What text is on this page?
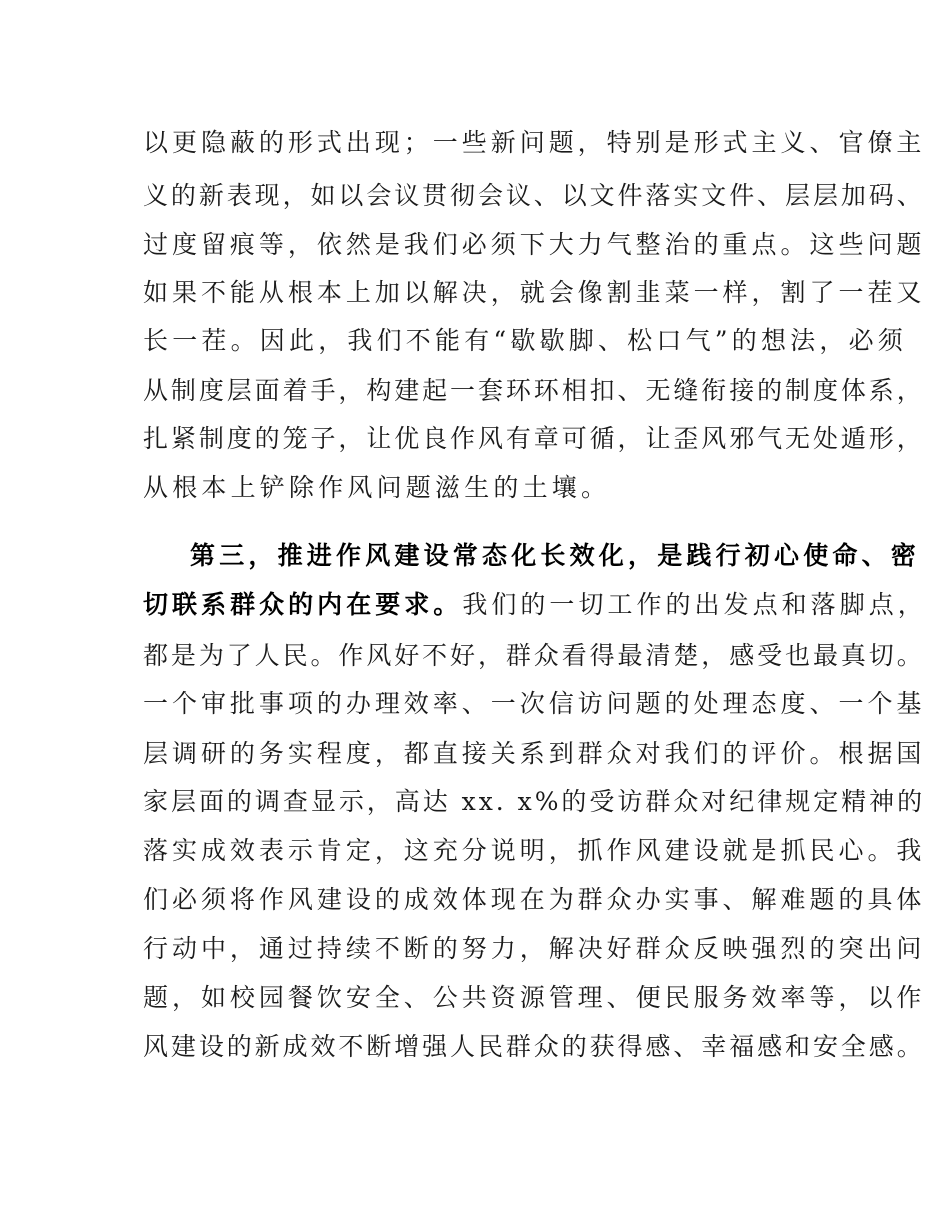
以更隐蔽的形式出现；一些新问题，特别是形式主义、官僚主
义的新表现，如以会议贯彻会议、以文件落实文件、层层加码、
过度留痕等，依然是我们必须下大力气整治的重点。这些问题
如果不能从根本上加以解决，就会像割韭菜一样，割了一茬又
长一茬。因此，我们不能有“歇歇脚、松口气”的想法，必须
从制度层面着手，构建起一套环环相扣、无缝衔接的制度体系，
扎紧制度的笼子，让优良作风有章可循，让歪风邪气无处遁形，
从根本上铲除作风问题滋生的土壤。
第三，推进作风建设常态化长效化，是践行初心使命、密
切联系群众的内在要求。我们的一切工作的出发点和落脚点，
都是为了人民。作风好不好，群众看得最清楚，感受也最真切。
一个审批事项的办理效率、一次信访问题的处理态度、一个基
层调研的务实程度，都直接关系到群众对我们的评价。根据国
家层面的调查显示，高达 xx. x%的受访群众对纪律规定精神的
落实成效表示肯定，这充分说明，抓作风建设就是抓民心。我
们必须将作风建设的成效体现在为群众办实事、解难题的具体
行动中，通过持续不断的努力，解决好群众反映强烈的突出问
题，如校园餐饮安全、公共资源管理、便民服务效率等，以作
风建设的新成效不断增强人民群众的获得感、幸福感和安全感。
